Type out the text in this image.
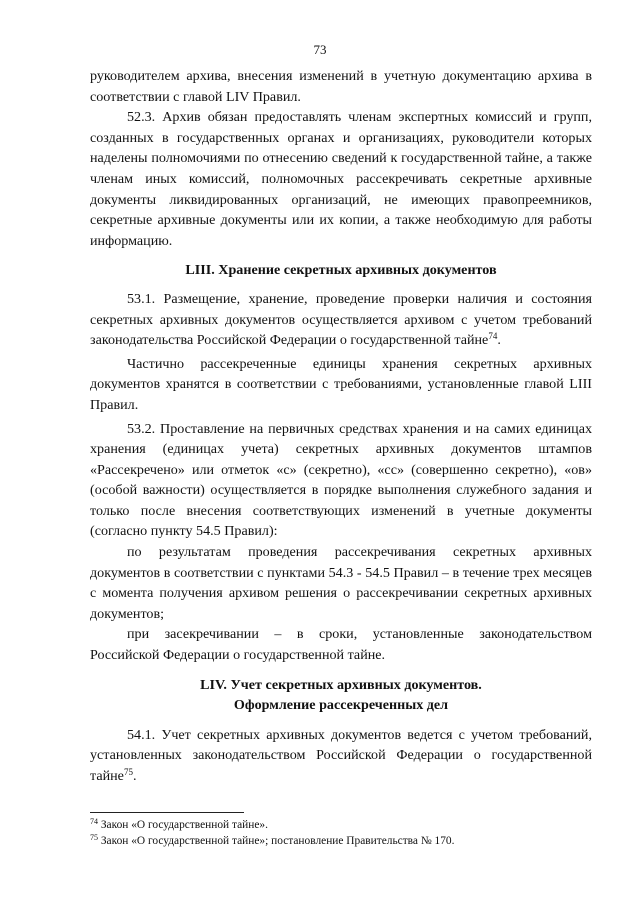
73

руководителем архива, внесения изменений в учетную документацию архива в соответствии с главой LIV Правил.

52.3. Архив обязан предоставлять членам экспертных комиссий и групп, созданных в государственных органах и организациях, руководители которых наделены полномочиями по отнесению сведений к государственной тайне, а также членам иных комиссий, полномочных рассекречивать секретные архивные документы ликвидированных организаций, не имеющих правопреемников, секретные архивные документы или их копии, а также необходимую для работы информацию.

LIII. Хранение секретных архивных документов

53.1. Размещение, хранение, проведение проверки наличия и состояния секретных архивных документов осуществляется архивом с учетом требований законодательства Российской Федерации о государственной тайне$^{74}$.

Частично рассекреченные единицы хранения секретных архивных документов хранятся в соответствии с требованиями, установленные главой LIII Правил.

53.2. Проставление на первичных средствах хранения и на самих единицах хранения (единицах учета) секретных архивных документов штампов «Рассекречено» или отметок «с» (секретно), «сс» (совершенно секретно), «ов» (особой важности) осуществляется в порядке выполнения служебного задания и только после внесения соответствующих изменений в учетные документы (согласно пункту 54.5 Правил):

по результатам проведения рассекречивания секретных архивных документов в соответствии с пунктами 54.3 - 54.5 Правил – в течение трех месяцев с момента получения архивом решения о рассекречивании секретных архивных документов;

при засекречивании – в сроки, установленные законодательством Российской Федерации о государственной тайне.

LIV. Учет секретных архивных документов.

Оформление рассекреченных дел

54.1. Учет секретных архивных документов ведется с учетом требований, установленных законодательством Российской Федерации о государственной тайне$^{75}$.

$^{74}$ Закон «О государственной тайне».

$^{75}$ Закон «О государственной тайне»; постановление Правительства № 170.
